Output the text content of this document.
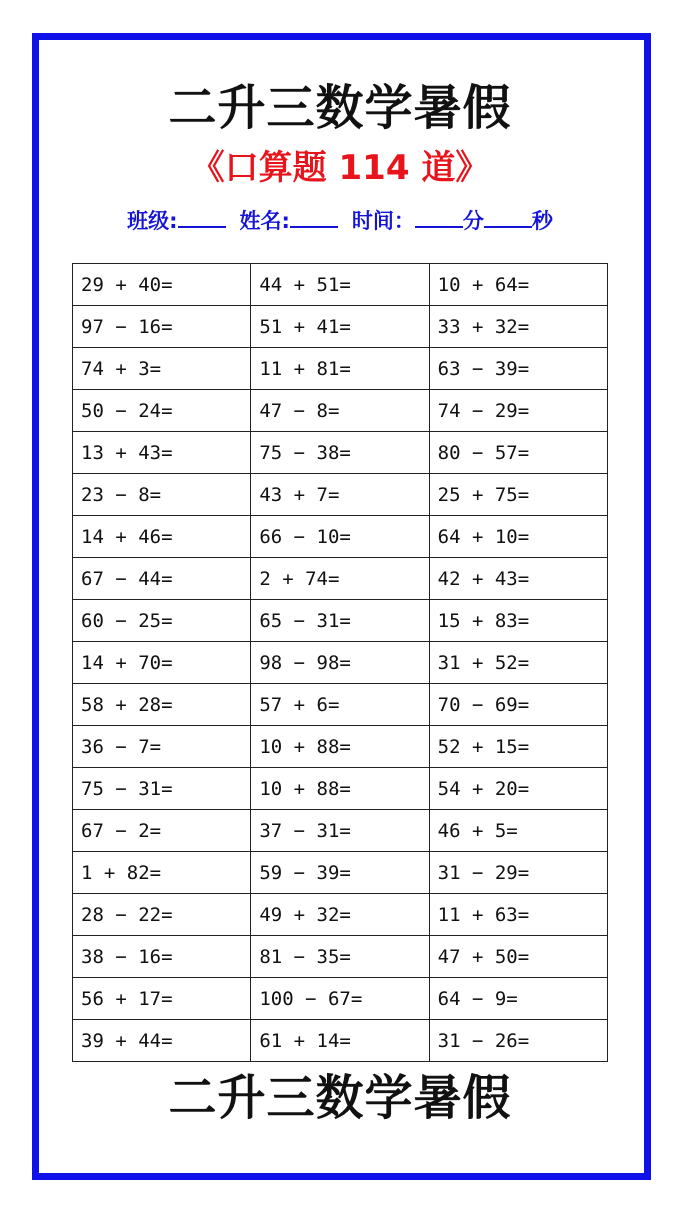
二升三数学暑假
《口算题 114 道》
班级:	姓名:	时间： 分 秒
29 + 40=	44 + 51=	10 + 64=
97 − 16=	51 + 41=	33 + 32=
74 + 3=	11 + 81=	63 − 39=
50 − 24=	47 − 8=	74 − 29=
13 + 43=	75 − 38=	80 − 57=
23 − 8=	43 + 7=	25 + 75=
14 + 46=	66 − 10=	64 + 10=
67 − 44=	2 + 74=	42 + 43=
60 − 25=	65 − 31=	15 + 83=
14 + 70=	98 − 98=	31 + 52=
58 + 28=	57 + 6=	70 − 69=
36 − 7=	10 + 88=	52 + 15=
75 − 31=	10 + 88=	54 + 20=
67 − 2=	37 − 31=	46 + 5=
1 + 82=	59 − 39=	31 − 29=
28 − 22=	49 + 32=	11 + 63=
38 − 16=	81 − 35=	47 + 50=
56 + 17=	100 − 67=	64 − 9=
39 + 44=	61 + 14=	31 − 26=
二升三数学暑假
